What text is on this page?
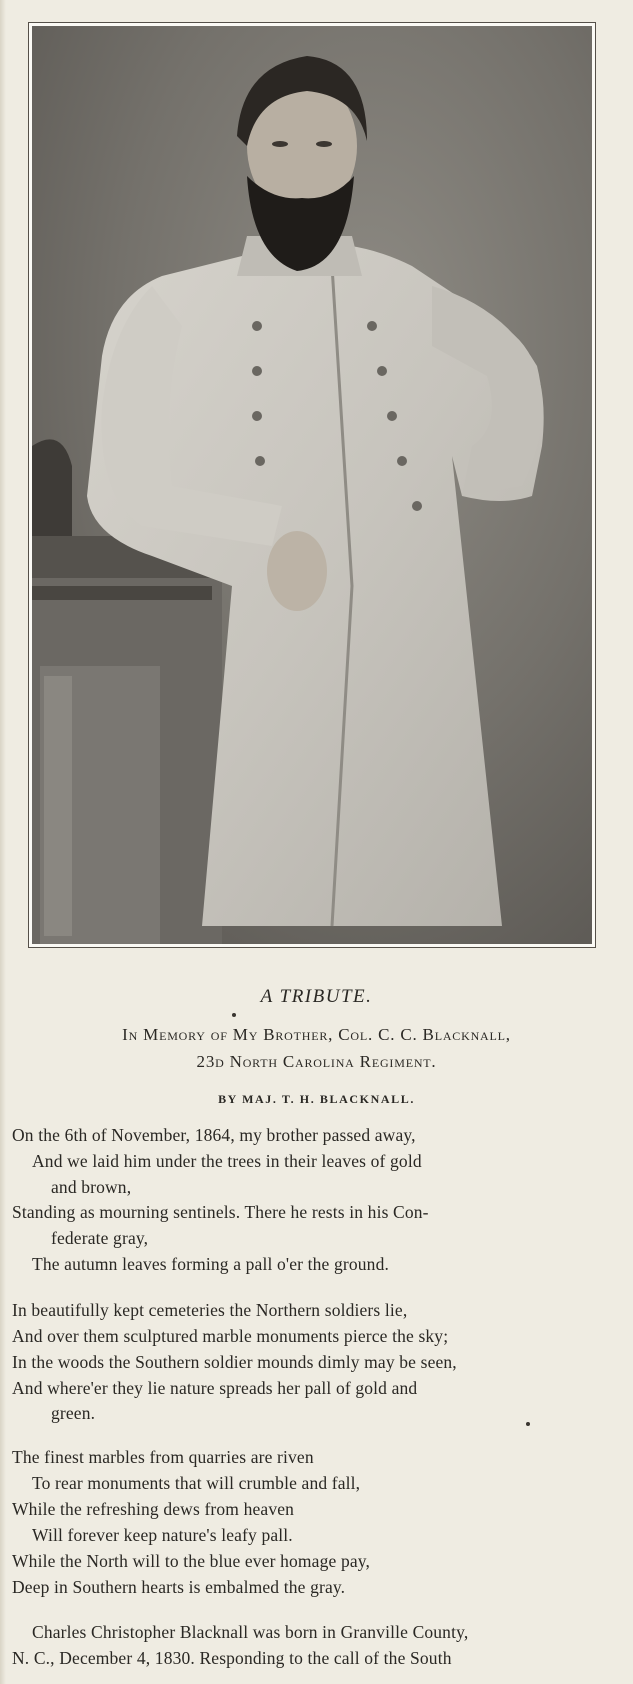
A TRIBUTE.
In Memory of My Brother, Col. C. C. Blacknall,
23d North Carolina Regiment.
BY MAJ. T. H. BLACKNALL.
On the 6th of November, 1864, my brother passed away,
And we laid him under the trees in their leaves of gold
and brown,
Standing as mourning sentinels. There he rests in his Con-
federate gray,
The autumn leaves forming a pall o'er the ground.
In beautifully kept cemeteries the Northern soldiers lie,
And over them sculptured marble monuments pierce the sky;
In the woods the Southern soldier mounds dimly may be seen,
And where'er they lie nature spreads her pall of gold and
green.
The finest marbles from quarries are riven
To rear monuments that will crumble and fall,
While the refreshing dews from heaven
Will forever keep nature's leafy pall.
While the North will to the blue ever homage pay,
Deep in Southern hearts is embalmed the gray.
Charles Christopher Blacknall was born in Granville County,
N. C., December 4, 1830. Responding to the call of the South
